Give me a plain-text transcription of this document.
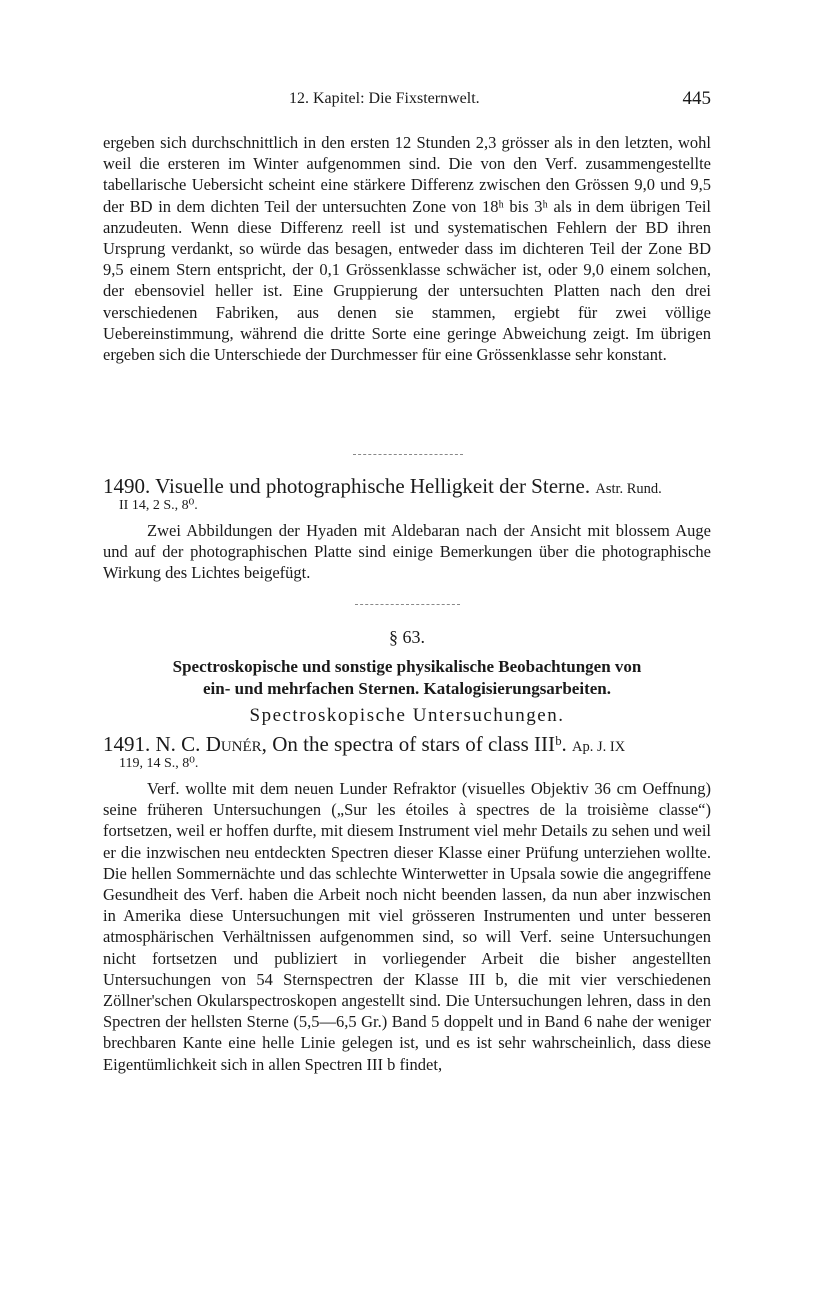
12. Kapitel: Die Fixsternwelt.	445

ergeben sich durchschnittlich in den ersten 12 Stunden 2,3 grösser als in den letzten, wohl weil die ersteren im Winter aufgenommen sind. Die von den Verf. zusammengestellte tabellarische Uebersicht scheint eine stärkere Differenz zwischen den Grössen 9,0 und 9,5 der BD in dem dichten Teil der untersuchten Zone von 18ʰ bis 3ʰ als in dem übrigen Teil anzudeuten. Wenn diese Differenz reell ist und systematischen Fehlern der BD ihren Ursprung verdankt, so würde das besagen, entweder dass im dichteren Teil der Zone BD 9,5 einem Stern entspricht, der 0,1 Grössenklasse schwächer ist, oder 9,0 einem solchen, der ebensoviel heller ist. Eine Gruppierung der untersuchten Platten nach den drei verschiedenen Fabriken, aus denen sie stammen, ergiebt für zwei völlige Uebereinstimmung, während die dritte Sorte eine geringe Abweichung zeigt. Im übrigen ergeben sich die Unterschiede der Durchmesser für eine Grössenklasse sehr konstant.

1490. Visuelle und photographische Helligkeit der Sterne. Astr. Rund.
II 14, 2 S., 8⁰.

Zwei Abbildungen der Hyaden mit Aldebaran nach der Ansicht mit blossem Auge und auf der photographischen Platte sind einige Bemerkungen über die photographische Wirkung des Lichtes beigefügt.

§ 63.
Spectroskopische und sonstige physikalische Beobachtungen von
ein- und mehrfachen Sternen. Katalogisierungsarbeiten.
Spectroskopische Untersuchungen.
1491. N. C. Dunér, On the spectra of stars of class IIIᵇ. Ap. J. IX
119, 14 S., 8⁰.

Verf. wollte mit dem neuen Lunder Refraktor (visuelles Objektiv 36 cm Oeffnung) seine früheren Untersuchungen („Sur les étoiles à spectres de la troisième classe“) fortsetzen, weil er hoffen durfte, mit diesem Instrument viel mehr Details zu sehen und weil er die inzwischen neu entdeckten Spectren dieser Klasse einer Prüfung unterziehen wollte. Die hellen Sommernächte und das schlechte Winterwetter in Upsala sowie die angegriffene Gesundheit des Verf. haben die Arbeit noch nicht beenden lassen, da nun aber inzwischen in Amerika diese Untersuchungen mit viel grösseren Instrumenten und unter besseren atmosphärischen Verhältnissen aufgenommen sind, so will Verf. seine Untersuchungen nicht fortsetzen und publiziert in vorliegender Arbeit die bisher angestellten Untersuchungen von 54 Sternspectren der Klasse III b, die mit vier verschiedenen Zöllner'schen Okularspectroskopen angestellt sind. Die Untersuchungen lehren, dass in den Spectren der hellsten Sterne (5,5—6,5 Gr.) Band 5 doppelt und in Band 6 nahe der weniger brechbaren Kante eine helle Linie gelegen ist, und es ist sehr wahrscheinlich, dass diese Eigentümlichkeit sich in allen Spectren III b findet,
